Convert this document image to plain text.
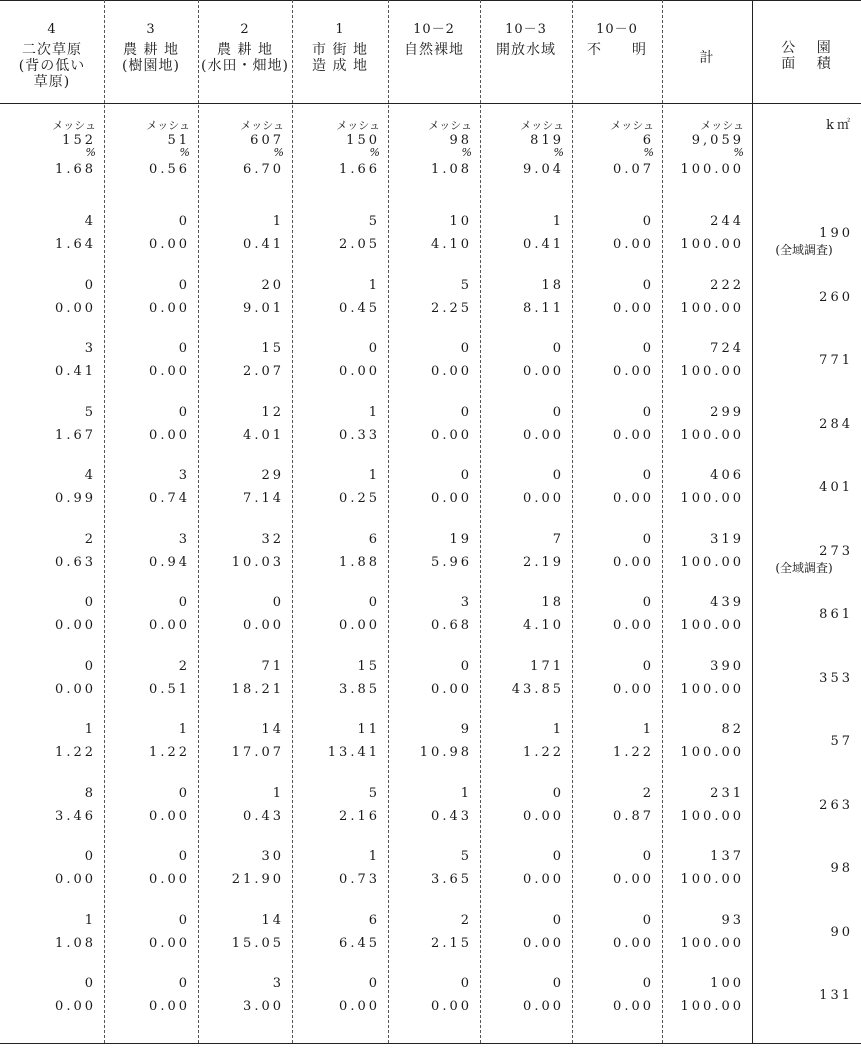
4
二次草原
(背の低い
草原)
3
農 耕 地
(樹園地)
2
農 耕 地
(水田・畑地)
1
市 街 地
造 成 地
10－2
自然裸地
10－3
開放水域
10－0
不　　明	計
公　 園
面　 積
メッシュ
152
%
1.68
メッシュ
51
%
0.56
メッシュ
607
%
6.70
メッシュ
150
%
1.66
メッシュ
98
%
1.08
メッシュ
819
%
9.04
メッシュ
6
%
0.07
メッシュ
9,059
%
100.00
k㎡
4
1.64
0
0.00
1
0.41
5
2.05
10
4.10
1
0.41
0
0.00
244
100.00
190
(全域調査)
0
0.00
0
0.00
20
9.01
1
0.45
5
2.25
18
8.11
0
0.00
222
100.00
260
3
0.41
0
0.00
15
2.07
0
0.00
0
0.00
0
0.00
0
0.00
724
100.00
771
5
1.67
0
0.00
12
4.01
1
0.33
0
0.00
0
0.00
0
0.00
299
100.00
284
4
0.99
3
0.74
29
7.14
1
0.25
0
0.00
0
0.00
0
0.00
406
100.00
401
2
0.63
3
0.94
32
10.03
6
1.88
19
5.96
7
2.19
0
0.00
319
100.00
273
(全域調査)
0
0.00
0
0.00
0
0.00
0
0.00
3
0.68
18
4.10
0
0.00
439
100.00
861
0
0.00
2
0.51
71
18.21
15
3.85
0
0.00
171
43.85
0
0.00
390
100.00
353
1
1.22
1
1.22
14
17.07
11
13.41
9
10.98
1
1.22
1
1.22
82
100.00
57
8
3.46
0
0.00
1
0.43
5
2.16
1
0.43
0
0.00
2
0.87
231
100.00
263
0
0.00
0
0.00
30
21.90
1
0.73
5
3.65
0
0.00
0
0.00
137
100.00
98
1
1.08
0
0.00
14
15.05
6
6.45
2
2.15
0
0.00
0
0.00
93
100.00
90
0
0.00
0
0.00
3
3.00
0
0.00
0
0.00
0
0.00
0
0.00
100
100.00
131
